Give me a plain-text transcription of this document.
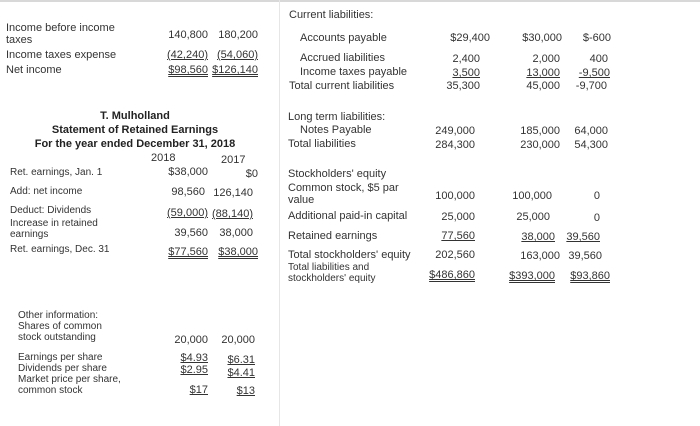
Income before income taxes	140,800 180,200
Income taxes expense	(42,240) (54,060)
Net income	$98,560 $126,140
T. Mulholland
Statement of Retained Earnings
For the year ended December 31, 2018
2018	2017
Ret. earnings, Jan. 1	$38,000	$0
Add: net income	98,560 126,140
Deduct: Dividends	(59,000) (88,140)
Increase in retained earnings	39,560	38,000
Ret. earnings, Dec. 31	$77,560 $38,000
Other information:
Shares of common stock outstanding	20,000	20,000
Earnings per share	$4.93	$6.31
Dividends per share	$2.95	$4.41
Market price per share, common stock	$17	$13
Current liabilities:
Accounts payable	$29,400	$30,000	$-600
Accrued liabilities	2,400	2,000	400
Income taxes payable	3,500	13,000	-9,500
Total current liabilities	35,300	45,000	-9,700
Long term liabilities:
Notes Payable	249,000	185,000	64,000
Total liabilities	284,300	230,000	54,300
Stockholders' equity
Common stock, $5 par value	100,000	100,000	0
Additional paid-in capital	25,000	25,000	0
Retained earnings	77,560	38,000	39,560
Total stockholders' equity	202,560	163,000 39,560
Total liabilities and stockholders' equity	$486,860	$393,000	$93,860
